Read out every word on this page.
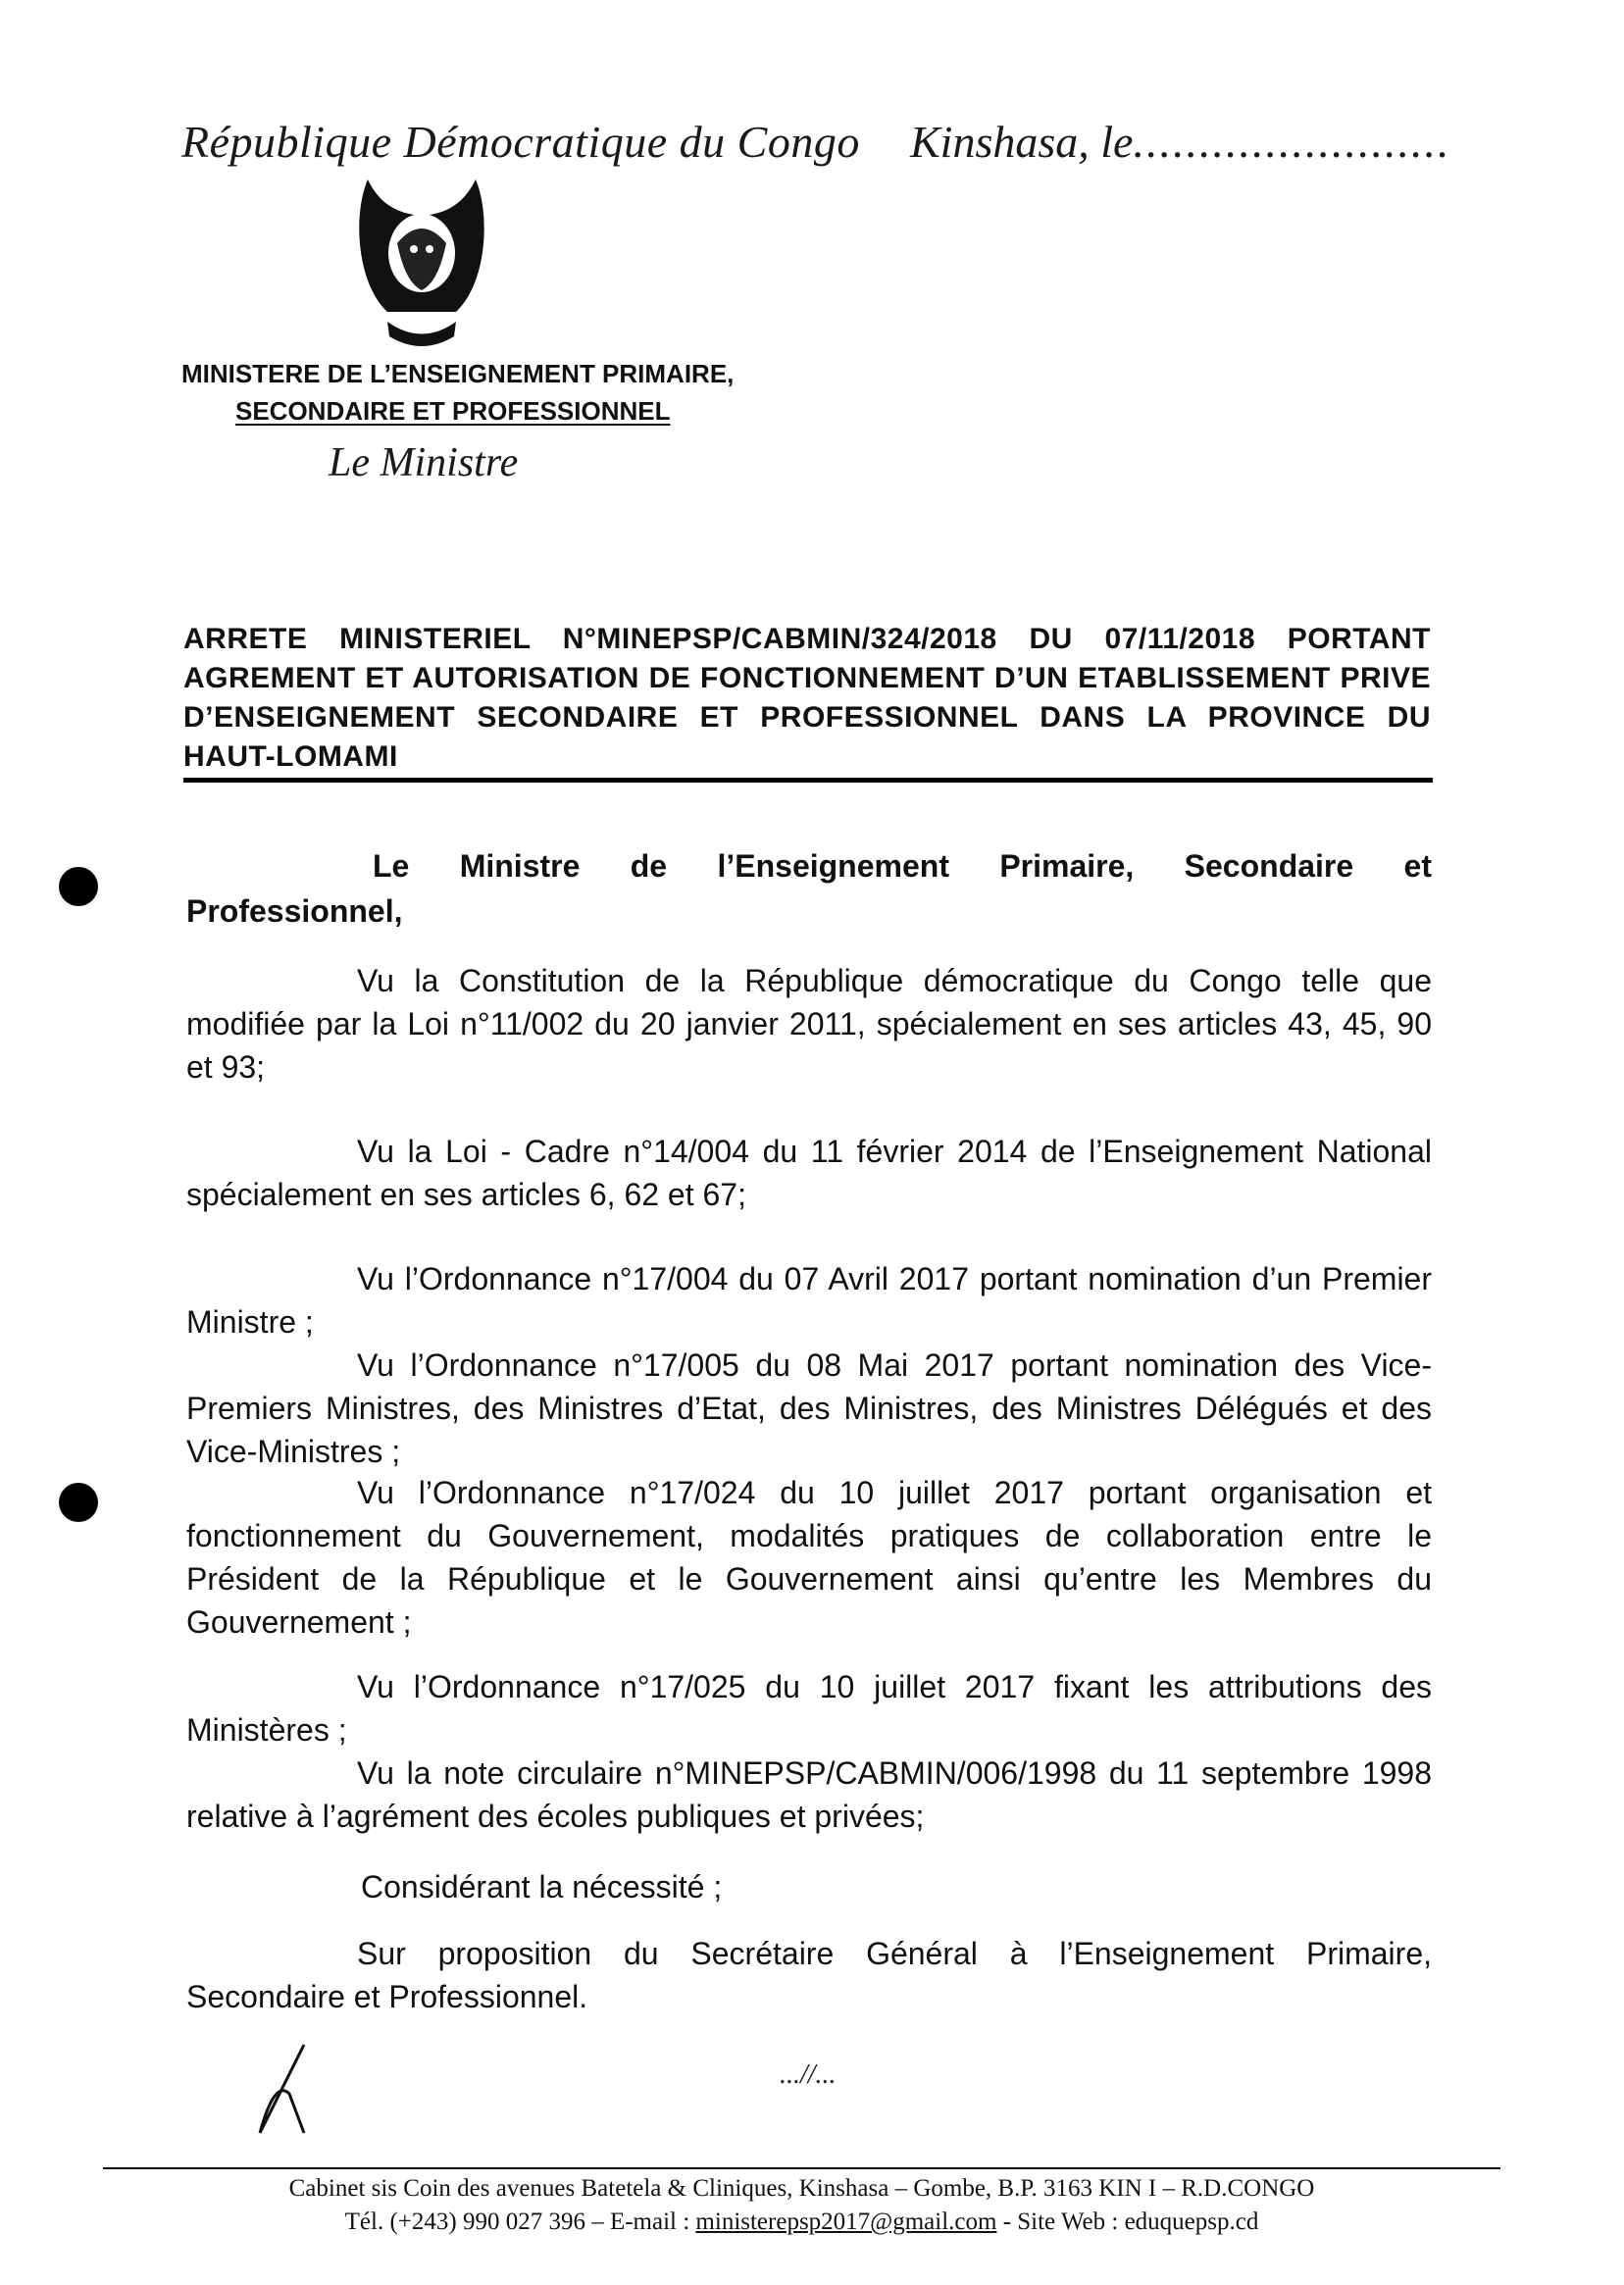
République Démocratique du Congo Kinshasa, le........................
MINISTERE DE L’ENSEIGNEMENT PRIMAIRE,
SECONDAIRE ET PROFESSIONNEL
Le Ministre
ARRETE MINISTERIEL N°MINEPSP/CABMIN/324/2018 DU 07/11/2018 PORTANT AGREMENT ET AUTORISATION DE FONCTIONNEMENT D’UN ETABLISSEMENT PRIVE D’ENSEIGNEMENT SECONDAIRE ET PROFESSIONNEL DANS LA PROVINCE DU HAUT-LOMAMI
Le Ministre de l’Enseignement Primaire, Secondaire et Professionnel,
Vu la Constitution de la République démocratique du Congo telle que modifiée par la Loi n°11/002 du 20 janvier 2011, spécialement en ses articles 43, 45, 90 et 93;
Vu la Loi - Cadre n°14/004 du 11 février 2014 de l’Enseignement National spécialement en ses articles 6, 62 et 67;
Vu l’Ordonnance n°17/004 du 07 Avril 2017 portant nomination d’un Premier Ministre ;
Vu l’Ordonnance n°17/005 du 08 Mai 2017 portant nomination des Vice-Premiers Ministres, des Ministres d’Etat, des Ministres, des Ministres Délégués et des Vice-Ministres ;
Vu l’Ordonnance n°17/024 du 10 juillet 2017 portant organisation et fonctionnement du Gouvernement, modalités pratiques de collaboration entre le Président de la République et le Gouvernement ainsi qu’entre les Membres du Gouvernement ;
Vu l’Ordonnance n°17/025 du 10 juillet 2017 fixant les attributions des Ministères ;
Vu la note circulaire n°MINEPSP/CABMIN/006/1998 du 11 septembre 1998 relative à l’agrément des écoles publiques et privées;
Considérant la nécessité ;
Sur proposition du Secrétaire Général à l’Enseignement Primaire, Secondaire et Professionnel.
...//...
Cabinet sis Coin des avenues Batetela & Cliniques, Kinshasa – Gombe, B.P. 3163 KIN I – R.D.CONGO
Tél. (+243) 990 027 396 – E-mail : ministerepsp2017@gmail.com - Site Web : eduquepsp.cd
